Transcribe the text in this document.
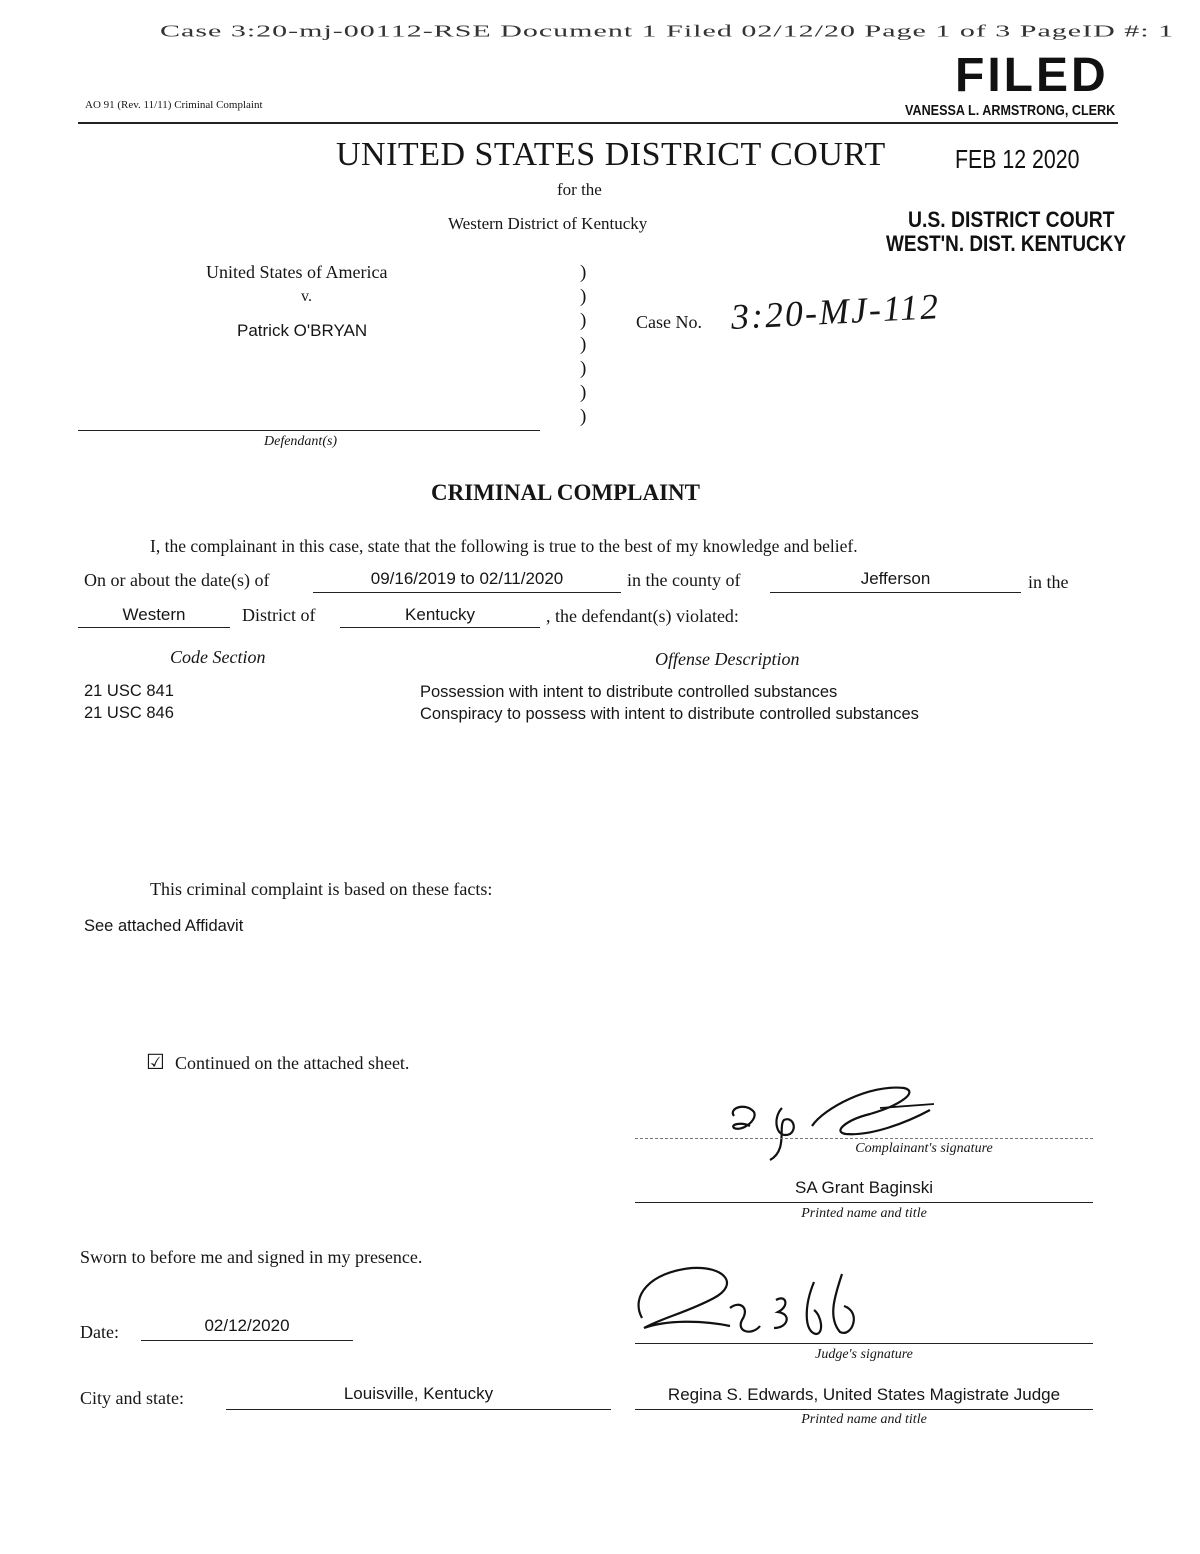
Case 3:20-mj-00112-RSE Document 1 Filed 02/12/20 Page 1 of 3 PageID #: 1
AO 91 (Rev. 11/11) Criminal Complaint
FILED
VANESSA L. ARMSTRONG, CLERK
FEB 12 2020
U.S. DISTRICT COURT
WEST'N. DIST. KENTUCKY
UNITED STATES DISTRICT COURT
for the
Western District of Kentucky
United States of America
v.
Patrick O'BRYAN
Defendant(s)
)
)
)
)
)
)
)
Case No. 3:20-MJ-112
CRIMINAL COMPLAINT
I, the complainant in this case, state that the following is true to the best of my knowledge and belief.
On or about the date(s) of	09/16/2019 to 02/11/2020	in the county of	Jefferson	in the
Western	District of	Kentucky	, the defendant(s) violated:
Code Section	Offense Description
21 USC 841	Possession with intent to distribute controlled substances
21 USC 846	Conspiracy to possess with intent to distribute controlled substances
This criminal complaint is based on these facts:
See attached Affidavit
☑ Continued on the attached sheet.
Complainant's signature
SA Grant Baginski
Printed name and title
Sworn to before me and signed in my presence.
Date:	02/12/2020
Judge's signature
City and state:	Louisville, Kentucky	Regina S. Edwards, United States Magistrate Judge
Printed name and title
